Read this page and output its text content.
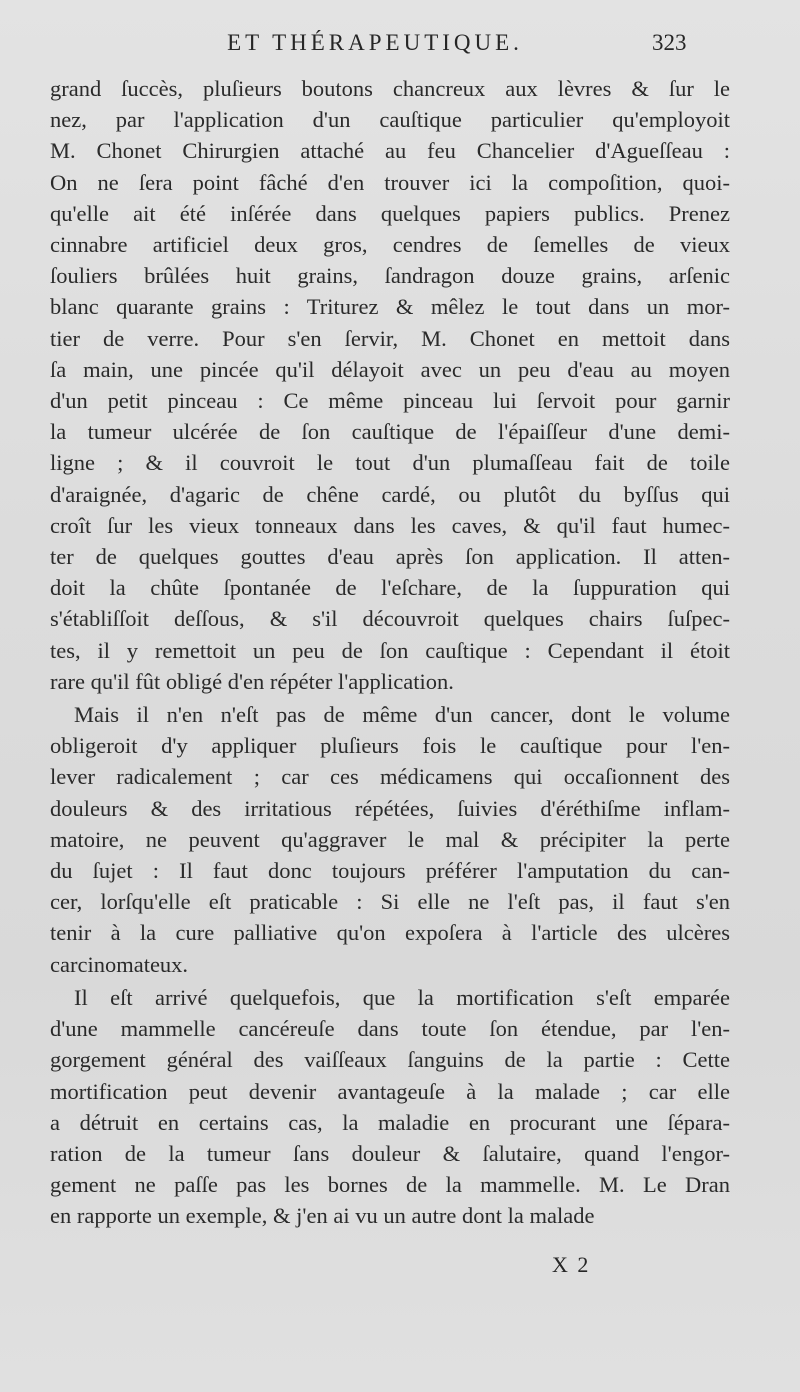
ET THÉRAPEUTIQUE.	323
grand ſuccès, pluſieurs boutons chancreux aux lèvres & ſur le
nez, par l'application d'un cauſtique particulier qu'employoit
M. Chonet Chirurgien attaché au feu Chancelier d'Agueſſeau :
On ne ſera point fâché d'en trouver ici la compoſition, quoi-
qu'elle ait été inſérée dans quelques papiers publics. Prenez
cinnabre artificiel deux gros, cendres de ſemelles de vieux
ſouliers brûlées huit grains, ſandragon douze grains, arſenic
blanc quarante grains : Triturez & mêlez le tout dans un mor-
tier de verre. Pour s'en ſervir, M. Chonet en mettoit dans
ſa main, une pincée qu'il délayoit avec un peu d'eau au moyen
d'un petit pinceau : Ce même pinceau lui ſervoit pour garnir
la tumeur ulcérée de ſon cauſtique de l'épaiſſeur d'une demi-
ligne ; & il couvroit le tout d'un plumaſſeau fait de toile
d'araignée, d'agaric de chêne cardé, ou plutôt du byſſus qui
croît ſur les vieux tonneaux dans les caves, & qu'il faut humec-
ter de quelques gouttes d'eau après ſon application. Il atten-
doit la chûte ſpontanée de l'eſchare, de la ſuppuration qui
s'établiſſoit deſſous, & s'il découvroit quelques chairs ſuſpec-
tes, il y remettoit un peu de ſon cauſtique : Cependant il étoit
rare qu'il fût obligé d'en répéter l'application.
Mais il n'en n'eſt pas de même d'un cancer, dont le volume
obligeroit d'y appliquer pluſieurs fois le cauſtique pour l'en-
lever radicalement ; car ces médicamens qui occaſionnent des
douleurs & des irritatious répétées, ſuivies d'éréthiſme inflam-
matoire, ne peuvent qu'aggraver le mal & précipiter la perte
du ſujet : Il faut donc toujours préférer l'amputation du can-
cer, lorſqu'elle eſt praticable : Si elle ne l'eſt pas, il faut s'en
tenir à la cure palliative qu'on expoſera à l'article des ulcères
carcinomateux.
Il eſt arrivé quelquefois, que la mortification s'eſt emparée
d'une mammelle cancéreuſe dans toute ſon étendue, par l'en-
gorgement général des vaiſſeaux ſanguins de la partie : Cette
mortification peut devenir avantageuſe à la malade ; car elle
a détruit en certains cas, la maladie en procurant une ſépara-
ration de la tumeur ſans douleur & ſalutaire, quand l'engor-
gement ne paſſe pas les bornes de la mammelle. M. Le Dran
en rapporte un exemple, & j'en ai vu un autre dont la malade
X 2
